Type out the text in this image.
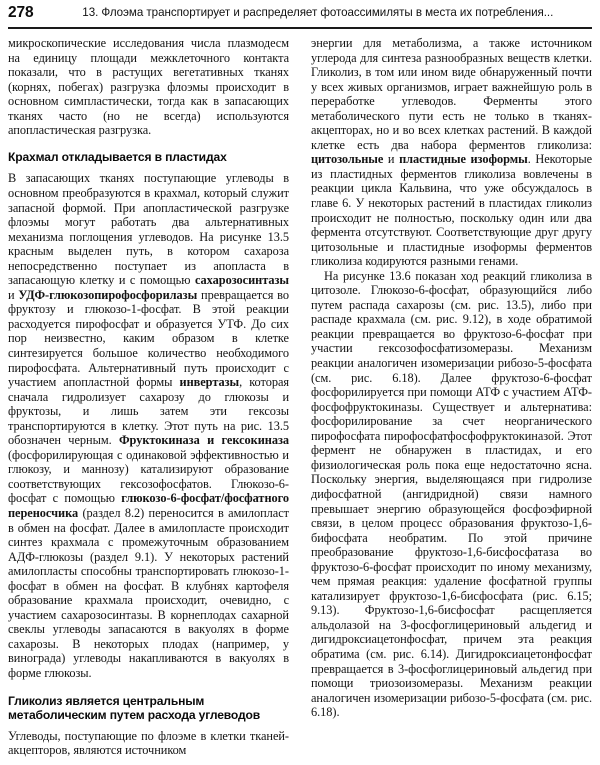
278	13. Флоэма транспортирует и распределяет фотоассимиляты в места их потребления...

микроскопические исследования числа плазмодесм на единицу площади межклеточного контакта показали, что в растущих вегетативных тканях (корнях, побегах) разгрузка флоэмы происходит в основном симпластически, тогда как в запасающих тканях часто (но не всегда) используются апопластическая разгрузка.

Крахмал откладывается в пластидах

В запасающих тканях поступающие углеводы в основном преобразуются в крахмал, который служит запасной формой. При апопластической разгрузке флоэмы могут работать два альтернативных механизма поглощения углеводов. На рисунке 13.5 красным выделен путь, в котором сахароза непосредственно поступает из апопласта в запасающую клетку и с помощью сахарозосинтазы и УДФ-глюкозопирофосфорилазы превращается во фруктозу и глюкозо-1-фосфат. В этой реакции расходуется пирофосфат и образуется УТФ. До сих пор неизвестно, каким образом в клетке синтезируется большое количество необходимого пирофосфата. Альтернативный путь происходит с участием апопластной формы инвертазы, которая сначала гидролизует сахарозу до глюкозы и фруктозы, и лишь затем эти гексозы транспортируются в клетку. Этот путь на рис. 13.5 обозначен черным. Фруктокиназа и гексокиназа (фосфорилирующая с одинаковой эффективностью и глюкозу, и маннозу) катализируют образование соответствующих гексозофосфатов. Глюкозо-6-фосфат с помощью глюкозо-6-фосфат/фосфатного переносчика (раздел 8.2) переносится в амилопласт в обмен на фосфат. Далее в амилопласте происходит синтез крахмала с промежуточным образованием АДФ-глюкозы (раздел 9.1). У некоторых растений амилопласты способны транспортировать глюкозо-1-фосфат в обмен на фосфат. В клубнях картофеля образование крахмала происходит, очевидно, с участием сахарозосинтазы. В корнеплодах сахарной свеклы углеводы запасаются в вакуолях в форме сахарозы. В некоторых плодах (например, у винограда) углеводы накапливаются в вакуолях в форме глюкозы.

Гликолиз является центральным
метаболическим путем расхода углеводов

Углеводы, поступающие по флоэме в клетки тканей-акцепторов, являются источником

энергии для метаболизма, а также источником углерода для синтеза разнообразных веществ клетки. Гликолиз, в том или ином виде обнаруженный почти у всех живых организмов, играет важнейшую роль в переработке углеводов. Ферменты этого метаболического пути есть не только в тканях-акцепторах, но и во всех клетках растений. В каждой клетке есть два набора ферментов гликолиза: цитозольные и пластидные изоформы. Некоторые из пластидных ферментов гликолиза вовлечены в реакции цикла Кальвина, что уже обсуждалось в главе 6. У некоторых растений в пластидах гликолиз происходит не полностью, поскольку один или два фермента отсутствуют. Соответствующие друг другу цитозольные и пластидные изоформы ферментов гликолиза кодируются разными генами.

На рисунке 13.6 показан ход реакций гликолиза в цитозоле. Глюкозо-6-фосфат, образующийся либо путем распада сахарозы (см. рис. 13.5), либо при распаде крахмала (см. рис. 9.12), в ходе обратимой реакции превращается во фруктозо-6-фосфат при участии гексозофосфатизомеразы. Механизм реакции аналогичен изомеризации рибозо-5-фосфата (см. рис. 6.18). Далее фруктозо-6-фосфат фосфорилируется при помощи АТФ с участием АТФ-фосфофруктокиназы. Существует и альтернатива: фосфорилирование за счет неорганического пирофосфата пирофосфатфосфофруктокиназой. Этот фермент не обнаружен в пластидах, и его физиологическая роль пока еще недостаточно ясна. Поскольку энергия, выделяющаяся при гидролизе дифосфатной (ангидридной) связи намного превышает энергию образующейся фосфоэфирной связи, в целом процесс образования фруктозо-1,6-бифосфата необратим. По этой причине преобразование фруктозо-1,6-бисфосфатаза во фруктозо-6-фосфат происходит по иному механизму, чем прямая реакция: удаление фосфатной группы катализирует фруктозо-1,6-бисфосфата (рис. 6.15; 9.13). Фруктозо-1,6-бисфосфат расщепляется альдолазой на 3-фосфоглицериновый альдегид и дигидроксиацетонфосфат, причем эта реакция обратима (см. рис. 6.14). Дигидроксиацетонфосфат превращается в 3-фосфоглицериновый альдегид при помощи триозоизомеразы. Механизм реакции аналогичен изомеризации рибозо-5-фосфата (см. рис. 6.18).
